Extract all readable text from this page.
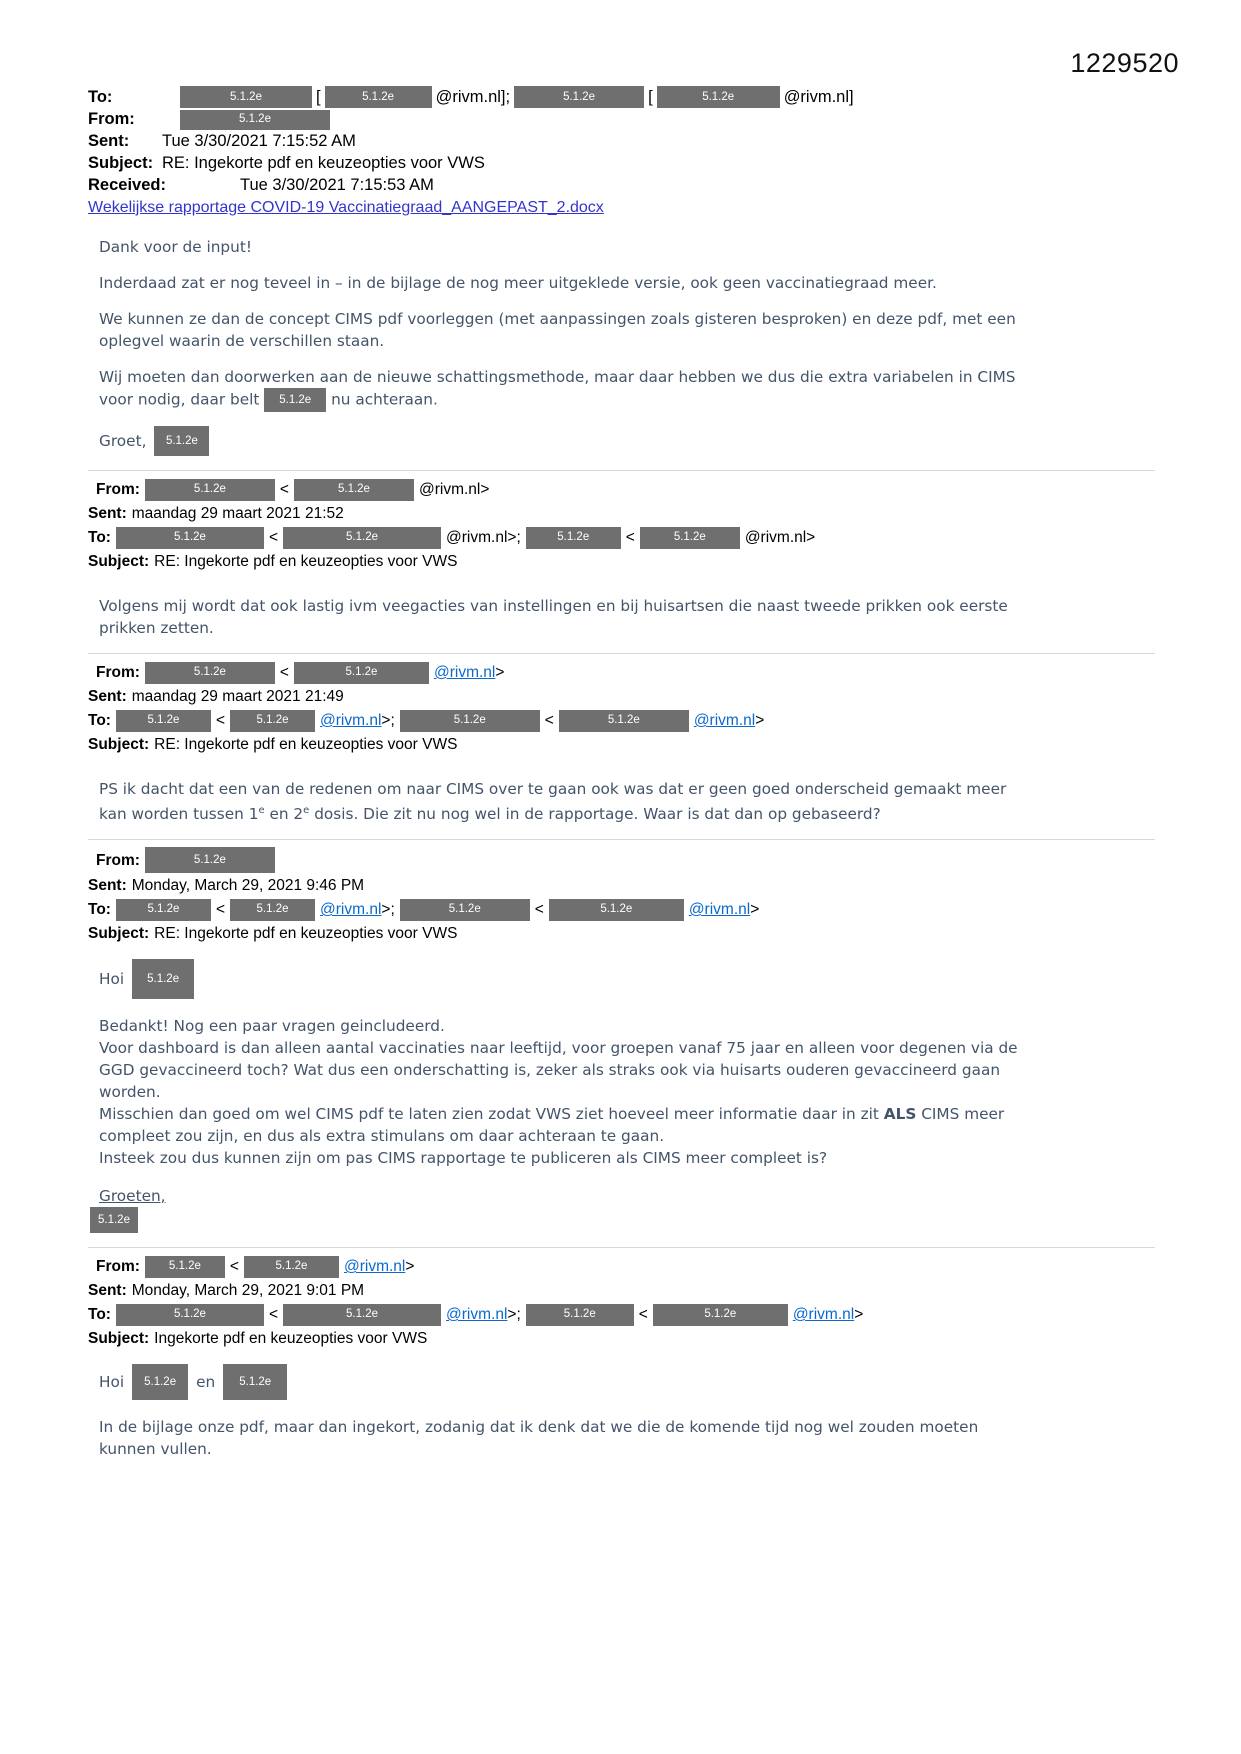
1229520
To:	5.1.2e	[	5.1.2e	@rivm.nl];	5.1.2e	[	5.1.2e	@rivm.nl]
From:	5.1.2e
Sent:	Tue 3/30/2021 7:15:52 AM
Subject: RE: Ingekorte pdf en keuzeopties voor VWS
Received:	Tue 3/30/2021 7:15:53 AM
Wekelijkse rapportage COVID-19 Vaccinatiegraad_AANGEPAST_2.docx

Dank voor de input!

Inderdaad zat er nog teveel in – in de bijlage de nog meer uitgeklede versie, ook geen vaccinatiegraad meer.

We kunnen ze dan de concept CIMS pdf voorleggen (met aanpassingen zoals gisteren besproken) en deze pdf, met een oplegvel waarin de verschillen staan.

Wij moeten dan doorwerken aan de nieuwe schattingsmethode, maar daar hebben we dus die extra variabelen in CIMS voor nodig, daar belt 5.1.2e nu achteraan.

Groet,	5.1.2e
From:	5.1.2e	<	5.1.2e	@rivm.nl>
Sent: maandag 29 maart 2021 21:52
To:	5.1.2e	<	5.1.2e	@rivm.nl>;	5.1.2e	<	5.1.2e	@rivm.nl>
Subject: RE: Ingekorte pdf en keuzeopties voor VWS

Volgens mij wordt dat ook lastig ivm veegacties van instellingen en bij huisartsen die naast tweede prikken ook eerste prikken zetten.

From:	5.1.2e	<	5.1.2e	@rivm.nl>
Sent: maandag 29 maart 2021 21:49
To:	5.1.2e	<	5.1.2e	@rivm.nl>;	5.1.2e	<	5.1.2e	@rivm.nl>
Subject: RE: Ingekorte pdf en keuzeopties voor VWS

PS ik dacht dat een van de redenen om naar CIMS over te gaan ook was dat er geen goed onderscheid gemaakt meer kan worden tussen 1e en 2e dosis. Die zit nu nog wel in de rapportage. Waar is dat dan op gebaseerd?

From:	5.1.2e
Sent: Monday, March 29, 2021 9:46 PM
To:	5.1.2e	<	5.1.2e	@rivm.nl>;	5.1.2e	<	5.1.2e	@rivm.nl>
Subject: RE: Ingekorte pdf en keuzeopties voor VWS
Hoi	5.1.2e
Bedankt! Nog een paar vragen geincludeerd.
Voor dashboard is dan alleen aantal vaccinaties naar leeftijd, voor groepen vanaf 75 jaar en alleen voor degenen via de GGD gevaccineerd toch? Wat dus een onderschatting is, zeker als straks ook via huisarts ouderen gevaccineerd gaan worden.
Misschien dan goed om wel CIMS pdf te laten zien zodat VWS ziet hoeveel meer informatie daar in zit ALS CIMS meer compleet zou zijn, en dus als extra stimulans om daar achteraan te gaan.
Insteek zou dus kunnen zijn om pas CIMS rapportage te publiceren als CIMS meer compleet is?
Groeten,
5.1.2e
From:	5.1.2e	<	5.1.2e	@rivm.nl>
Sent: Monday, March 29, 2021 9:01 PM
To:	5.1.2e	<	5.1.2e	@rivm.nl>;	5.1.2e	<	5.1.2e	@rivm.nl>
Subject: Ingekorte pdf en keuzeopties voor VWS
Hoi	5.1.2e	en	5.1.2e

In de bijlage onze pdf, maar dan ingekort, zodanig dat ik denk dat we die de komende tijd nog wel zouden moeten kunnen vullen.
